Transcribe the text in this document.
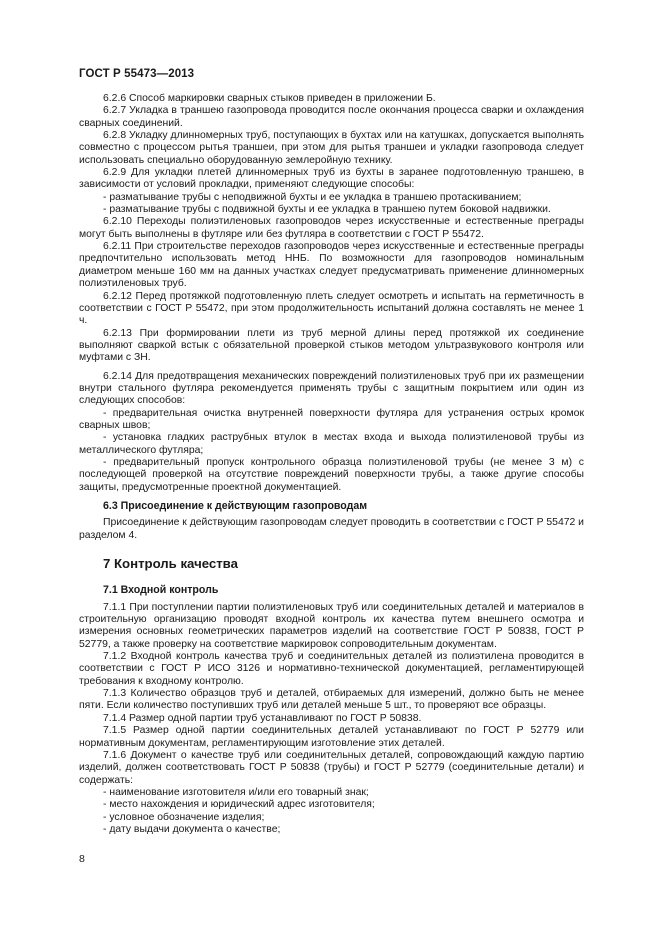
ГОСТ Р 55473—2013

6.2.6 Способ маркировки сварных стыков приведен в приложении Б.

6.2.7 Укладка в траншею газопровода проводится после окончания процесса сварки и охлаждения сварных соединений.

6.2.8 Укладку длинномерных труб, поступающих в бухтах или на катушках, допускается выполнять совместно с процессом рытья траншеи, при этом для рытья траншеи и укладки газопровода следует использовать специально оборудованную землеройную технику.

6.2.9 Для укладки плетей длинномерных труб из бухты в заранее подготовленную траншею, в зависимости от условий прокладки, применяют следующие способы:

- разматывание трубы с неподвижной бухты и ее укладка в траншею протаскиванием;

- разматывание трубы с подвижной бухты и ее укладка в траншею путем боковой надвижки.

6.2.10 Переходы полиэтиленовых газопроводов через искусственные и естественные преграды могут быть выполнены в футляре или без футляра в соответствии с ГОСТ Р 55472.

6.2.11 При строительстве переходов газопроводов через искусственные и естественные преграды предпочтительно использовать метод ННБ. По возможности для газопроводов номинальным диаметром меньше 160 мм на данных участках следует предусматривать применение длинномерных полиэтиленовых труб.

6.2.12 Перед протяжкой подготовленную плеть следует осмотреть и испытать на герметичность в соответствии с ГОСТ Р 55472, при этом продолжительность испытаний должна составлять не менее 1 ч.

6.2.13 При формировании плети из труб мерной длины перед протяжкой их соединение выполняют сваркой встык с обязательной проверкой стыков методом ультразвукового контроля или муфтами с ЗН.

6.2.14 Для предотвращения механических повреждений полиэтиленовых труб при их размещении внутри стального футляра рекомендуется применять трубы с защитным покрытием или один из следующих способов:

- предварительная очистка внутренней поверхности футляра для устранения острых кромок сварных швов;

- установка гладких раструбных втулок в местах входа и выхода полиэтиленовой трубы из металлического футляра;

- предварительный пропуск контрольного образца полиэтиленовой трубы (не менее 3 м) с последующей проверкой на отсутствие повреждений поверхности трубы, а также другие способы защиты, предусмотренные проектной документацией.

6.3 Присоединение к действующим газопроводам

Присоединение к действующим газопроводам следует проводить в соответствии с ГОСТ Р 55472 и разделом 4.

7 Контроль качества

7.1 Входной контроль

7.1.1 При поступлении партии полиэтиленовых труб или соединительных деталей и материалов в строительную организацию проводят входной контроль их качества путем внешнего осмотра и измерения основных геометрических параметров изделий на соответствие ГОСТ Р 50838, ГОСТ Р 52779, а также проверку на соответствие маркировок сопроводительным документам.

7.1.2 Входной контроль качества труб и соединительных деталей из полиэтилена проводится в соответствии с ГОСТ Р ИСО 3126 и нормативно-технической документацией, регламентирующей требования к входному контролю.

7.1.3 Количество образцов труб и деталей, отбираемых для измерений, должно быть не менее пяти. Если количество поступивших труб или деталей меньше 5 шт., то проверяют все образцы.

7.1.4 Размер одной партии труб устанавливают по ГОСТ Р 50838.

7.1.5 Размер одной партии соединительных деталей устанавливают по ГОСТ Р 52779 или нормативным документам, регламентирующим изготовление этих деталей.

7.1.6 Документ о качестве труб или соединительных деталей, сопровождающий каждую партию изделий, должен соответствовать ГОСТ Р 50838 (трубы) и ГОСТ Р 52779 (соединительные детали) и содержать:

- наименование изготовителя и/или его товарный знак;

- место нахождения и юридический адрес изготовителя;

- условное обозначение изделия;

- дату выдачи документа о качестве;

8
